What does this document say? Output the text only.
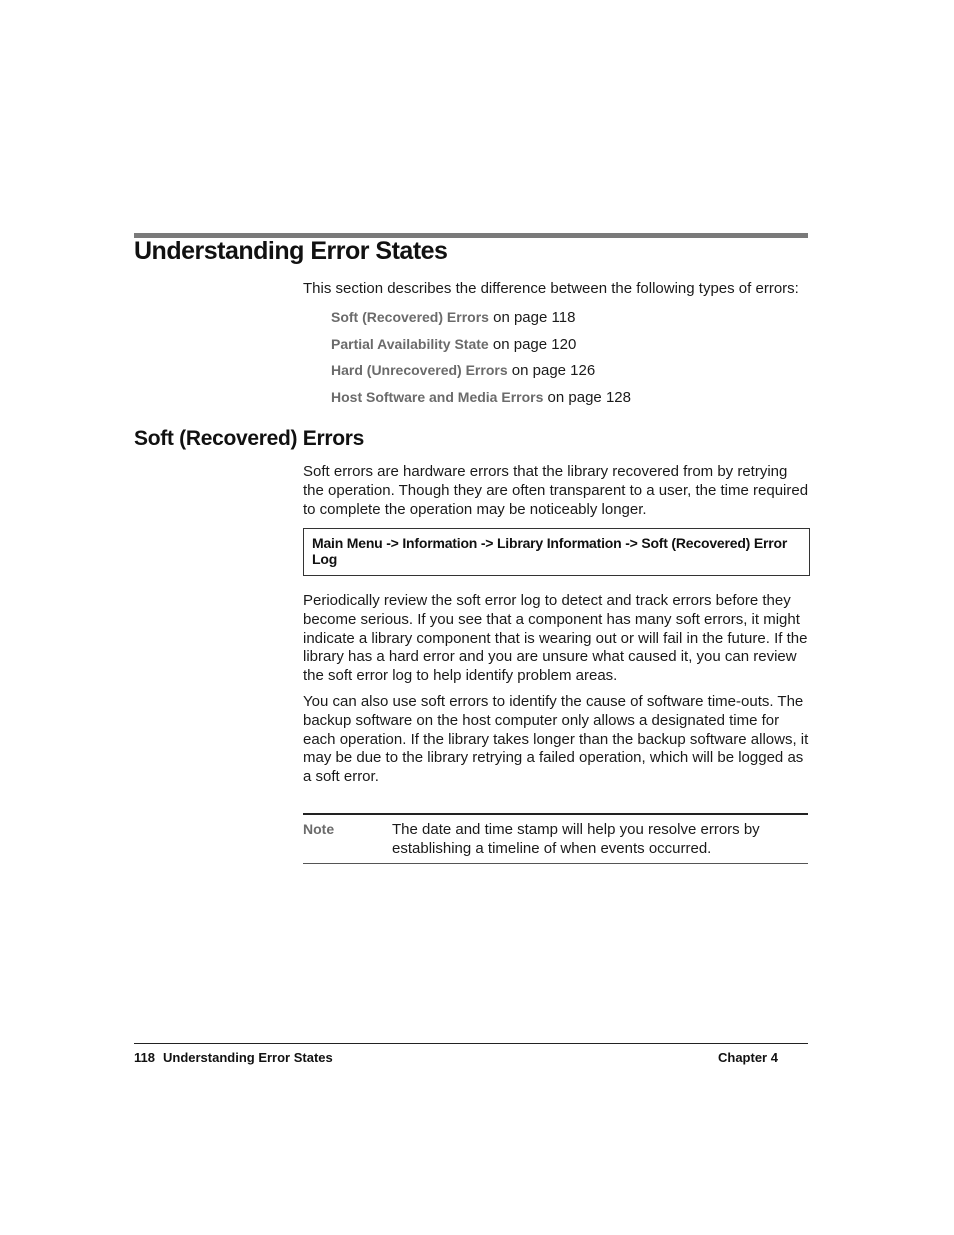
Understanding Error States

This section describes the difference between the following types of errors:

Soft (Recovered) Errors on page 118
Partial Availability State on page 120
Hard (Unrecovered) Errors on page 126
Host Software and Media Errors on page 128
Soft (Recovered) Errors

Soft errors are hardware errors that the library recovered from by retrying the operation. Though they are often transparent to a user, the time required to complete the operation may be noticeably longer.

Main Menu -> Information -> Library Information -> Soft (Recovered) Error Log

Periodically review the soft error log to detect and track errors before they become serious. If you see that a component has many soft errors, it might indicate a library component that is wearing out or will fail in the future. If the library has a hard error and you are unsure what caused it, you can review the soft error log to help identify problem areas.

You can also use soft errors to identify the cause of software time-outs. The backup software on the host computer only allows a designated time for each operation. If the library takes longer than the backup software allows, it may be due to the library retrying a failed operation, which will be logged as a soft error.

Note	The date and time stamp will help you resolve errors by establishing a timeline of when events occurred.

118 Understanding Error States	Chapter 4
